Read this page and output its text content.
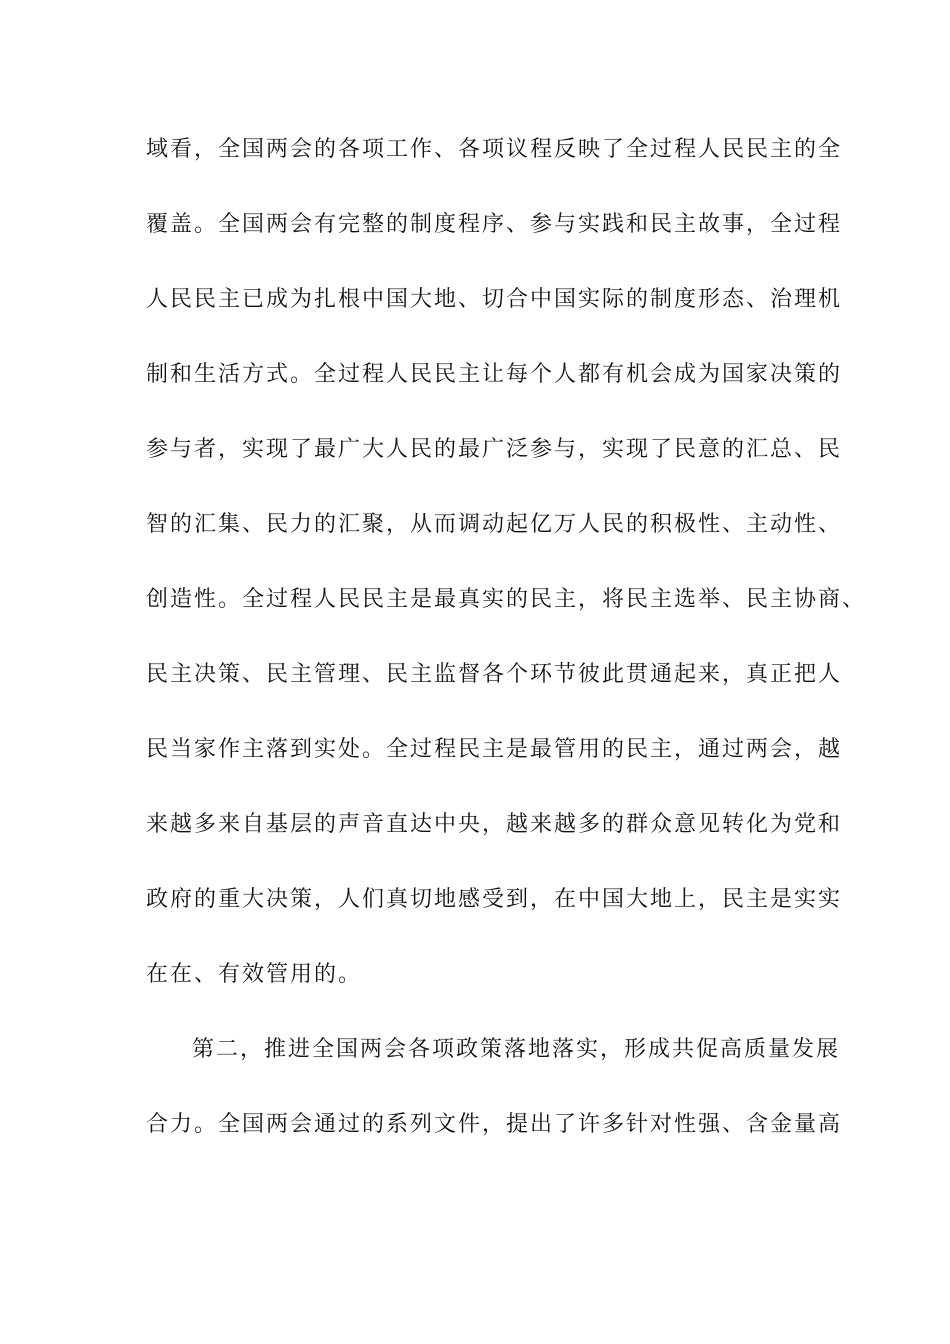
域看，全国两会的各项工作、各项议程反映了全过程人民民主的全
覆盖。全国两会有完整的制度程序、参与实践和民主故事，全过程
人民民主已成为扎根中国大地、切合中国实际的制度形态、治理机
制和生活方式。全过程人民民主让每个人都有机会成为国家决策的
参与者，实现了最广大人民的最广泛参与，实现了民意的汇总、民
智的汇集、民力的汇聚，从而调动起亿万人民的积极性、主动性、
创造性。全过程人民民主是最真实的民主，将民主选举、民主协商、
民主决策、民主管理、民主监督各个环节彼此贯通起来，真正把人
民当家作主落到实处。全过程民主是最管用的民主，通过两会，越
来越多来自基层的声音直达中央，越来越多的群众意见转化为党和
政府的重大决策，人们真切地感受到，在中国大地上，民主是实实
在在、有效管用的。
第二，推进全国两会各项政策落地落实，形成共促高质量发展
合力。全国两会通过的系列文件，提出了许多针对性强、含金量高
